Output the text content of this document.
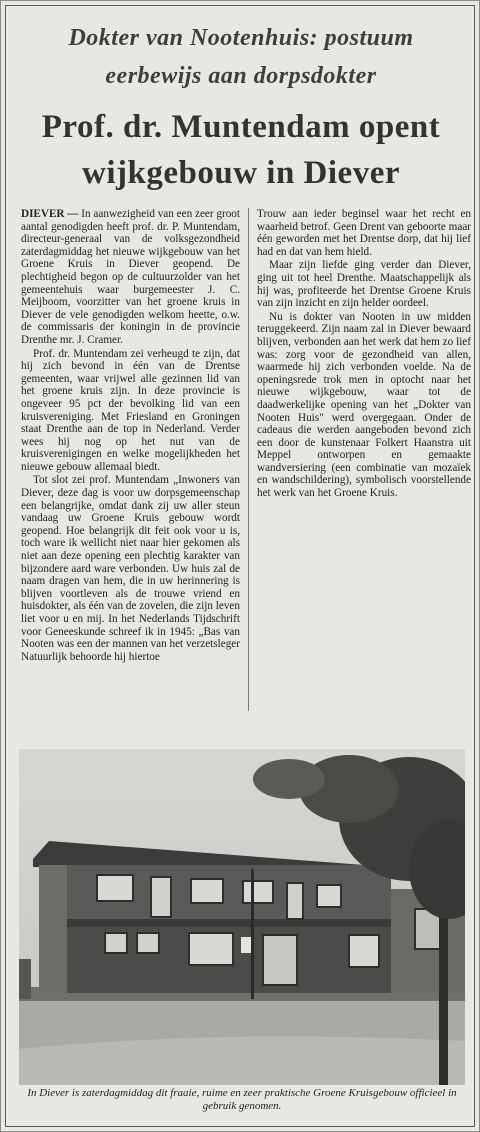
Dokter van Nootenhuis: postuum
eerbewijs aan dorpsdokter
Prof. dr. Muntendam opent
wijkgebouw in Diever

DIEVER — In aanwezigheid van een zeer groot aantal genodigden heeft prof. dr. P. Muntendam, directeur-generaal van de volksgezondheid zaterdagmiddag het nieuwe wijkgebouw van het Groene Kruis in Diever geopend. De plechtigheid begon op de cultuurzolder van het gemeentehuis waar burgemeester J. C. Meijboom, voorzitter van het groene kruis in Diever de vele genodigden welkom heette, o.w. de commissaris der koningin in de provincie Drenthe mr. J. Cramer.

Prof. dr. Muntendam zei verheugd te zijn, dat hij zich bevond in één van de Drentse gemeenten, waar vrijwel alle gezinnen lid van het groene kruis zijn. In deze provincie is ongeveer 95 pct der bevolking lid van een kruisvereniging. Met Friesland en Groningen staat Drenthe aan de top in Nederland. Verder wees hij nog op het nut van de kruisverenigingen en welke mogelijkheden het nieuwe gebouw allemaal biedt.

Tot slot zei prof. Muntendam „Inwoners van Diever, deze dag is voor uw dorpsgemeenschap een belangrijke, omdat dank zij uw aller steun vandaag uw Groene Kruis gebouw wordt geopend. Hoe belangrijk dit feit ook voor u is, toch ware ik wellicht niet naar hier gekomen als niet aan deze opening een plechtig karakter van bijzondere aard ware verbonden. Uw huis zal de naam dragen van hem, die in uw herinnering is blijven voortleven als de trouwe vriend en huisdokter, als één van de zovelen, die zijn leven liet voor u en mij. In het Nederlands Tijdschrift voor Geneeskunde schreef ik in 1945: „Bas van Nooten was een der mannen van het verzetsleger Natuurlijk behoorde hij hiertoe

Trouw aan ieder beginsel waar het recht en waarheid betrof. Geen Drent van geboorte maar één geworden met het Drentse dorp, dat hij lief had en dat van hem hield.

Maar zijn liefde ging verder dan Diever, ging uit tot heel Drenthe. Maatschappelijk als hij was, profiteerde het Drentse Groene Kruis van zijn inzicht en zijn helder oordeel.

Nu is dokter van Nooten in uw midden teruggekeerd. Zijn naam zal in Diever bewaard blijven, verbonden aan het werk dat hem zo lief was: zorg voor de gezondheid van allen, waarmede hij zich verbonden voelde. Na de openingsrede trok men in optocht naar het nieuwe wijkgebouw, waar tot de daadwerkelijke opening van het „Dokter van Nooten Huis" werd overgegaan. Onder de cadeaus die werden aangeboden bevond zich een door de kunstenaar Folkert Haanstra uit Meppel ontworpen en gemaakte wandversiering (een combinatie van mozaïek en wandschildering), symbolisch voorstellende het werk van het Groene Kruis.

In Diever is zaterdagmiddag dit fraaie, ruime en zeer praktische Groene Kruisgebouw officieel in gebruik genomen.
